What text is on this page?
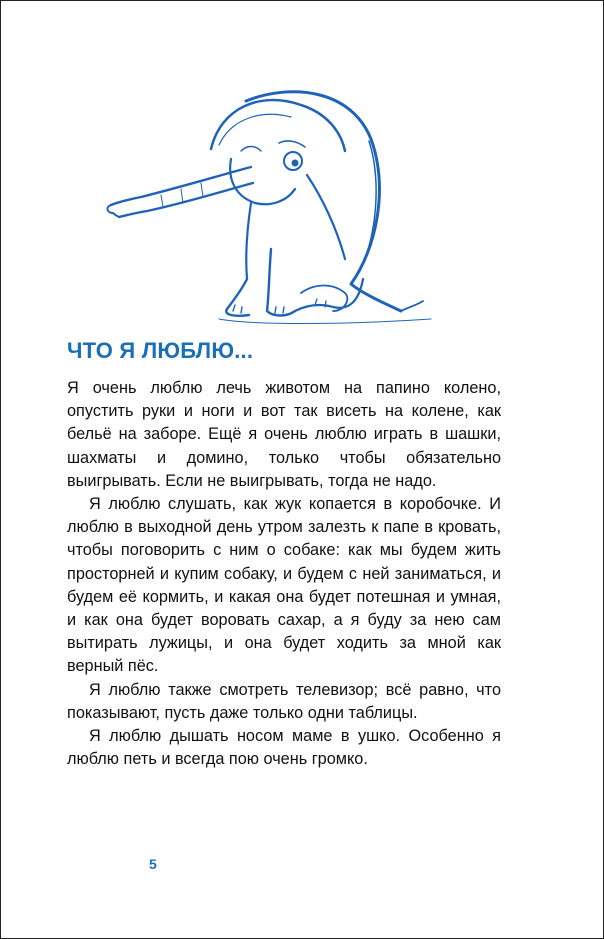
ЧТО Я ЛЮБЛЮ...

Я очень люблю лечь животом на папино колено, опустить руки и ноги и вот так висеть на колене, как бельё на заборе. Ещё я очень люблю играть в шашки, шахматы и домино, только чтобы обязательно выигрывать. Если не выигрывать, тогда не надо.

Я люблю слушать, как жук копается в коробочке. И люблю в выходной день утром залезть к папе в кровать, чтобы поговорить с ним о собаке: как мы будем жить просторней и купим собаку, и будем с ней заниматься, и будем её кормить, и какая она будет потешная и умная, и как она будет воровать сахар, а я буду за нею сам вытирать лужицы, и она будет ходить за мной как верный пёс.

Я люблю также смотреть телевизор; всё равно, что показывают, пусть даже только одни таблицы.

Я люблю дышать носом маме в ушко. Особенно я люблю петь и всегда пою очень громко.

5
